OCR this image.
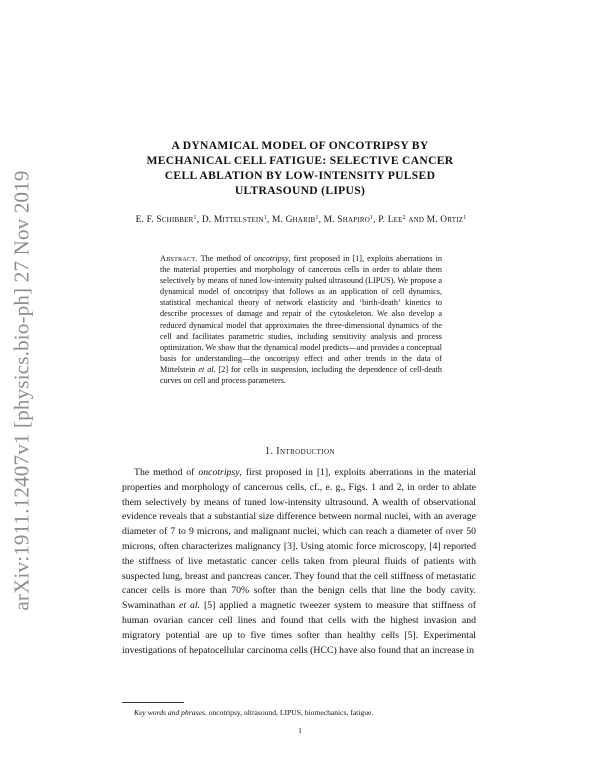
arXiv:1911.12407v1 [physics.bio-ph] 27 Nov 2019
A DYNAMICAL MODEL OF ONCOTRIPSY BY MECHANICAL CELL FATIGUE: SELECTIVE CANCER CELL ABLATION BY LOW-INTENSITY PULSED ULTRASOUND (LIPUS)
E. F. Schibber$^1$, D. Mittelstein$^1$, M. Gharib$^1$, M. Shapiro$^1$, P. Lee$^2$ and M. Ortiz$^1$
Abstract. The method of oncotripsy, first proposed in [1], exploits aberrations in the material properties and morphology of cancerous cells in order to ablate them selectively by means of tuned low-intensity pulsed ultrasound (LIPUS). We propose a dynamical model of oncotripsy that follows as an application of cell dynamics, statistical mechanical theory of network elasticity and ‘birth-death’ kinetics to describe processes of damage and repair of the cytoskeleton. We also develop a reduced dynamical model that approximates the three-dimensional dynamics of the cell and facilitates parametric studies, including sensitivity analysis and process optimization. We show that the dynamical model predicts—and provides a conceptual basis for understanding—the oncotripsy effect and other trends in the data of Mittelstein et al. [2] for cells in suspension, including the dependence of cell-death curves on cell and process parameters.
1. Introduction

The method of oncotripsy, first proposed in [1], exploits aberrations in the material properties and morphology of cancerous cells, cf., e. g., Figs. 1 and 2, in order to ablate them selectively by means of tuned low-intensity ultrasound. A wealth of observational evidence reveals that a substantial size difference between normal nuclei, with an average diameter of 7 to 9 microns, and malignant nuclei, which can reach a diameter of over 50 microns, often characterizes malignancy [3]. Using atomic force microscopy, [4] reported the stiffness of live metastatic cancer cells taken from pleural fluids of patients with suspected lung, breast and pancreas cancer. They found that the cell stiffness of metastatic cancer cells is more than 70% softer than the benign cells that line the body cavity. Swaminathan et al. [5] applied a magnetic tweezer system to measure that stiffness of human ovarian cancer cell lines and found that cells with the highest invasion and migratory potential are up to five times softer than healthy cells [5]. Experimental investigations of hepatocellular carcinoma cells (HCC) have also found that an increase in

Key words and phrases. oncotripsy, ultrasound, LIPUS, biomechanics, fatigue.
1
